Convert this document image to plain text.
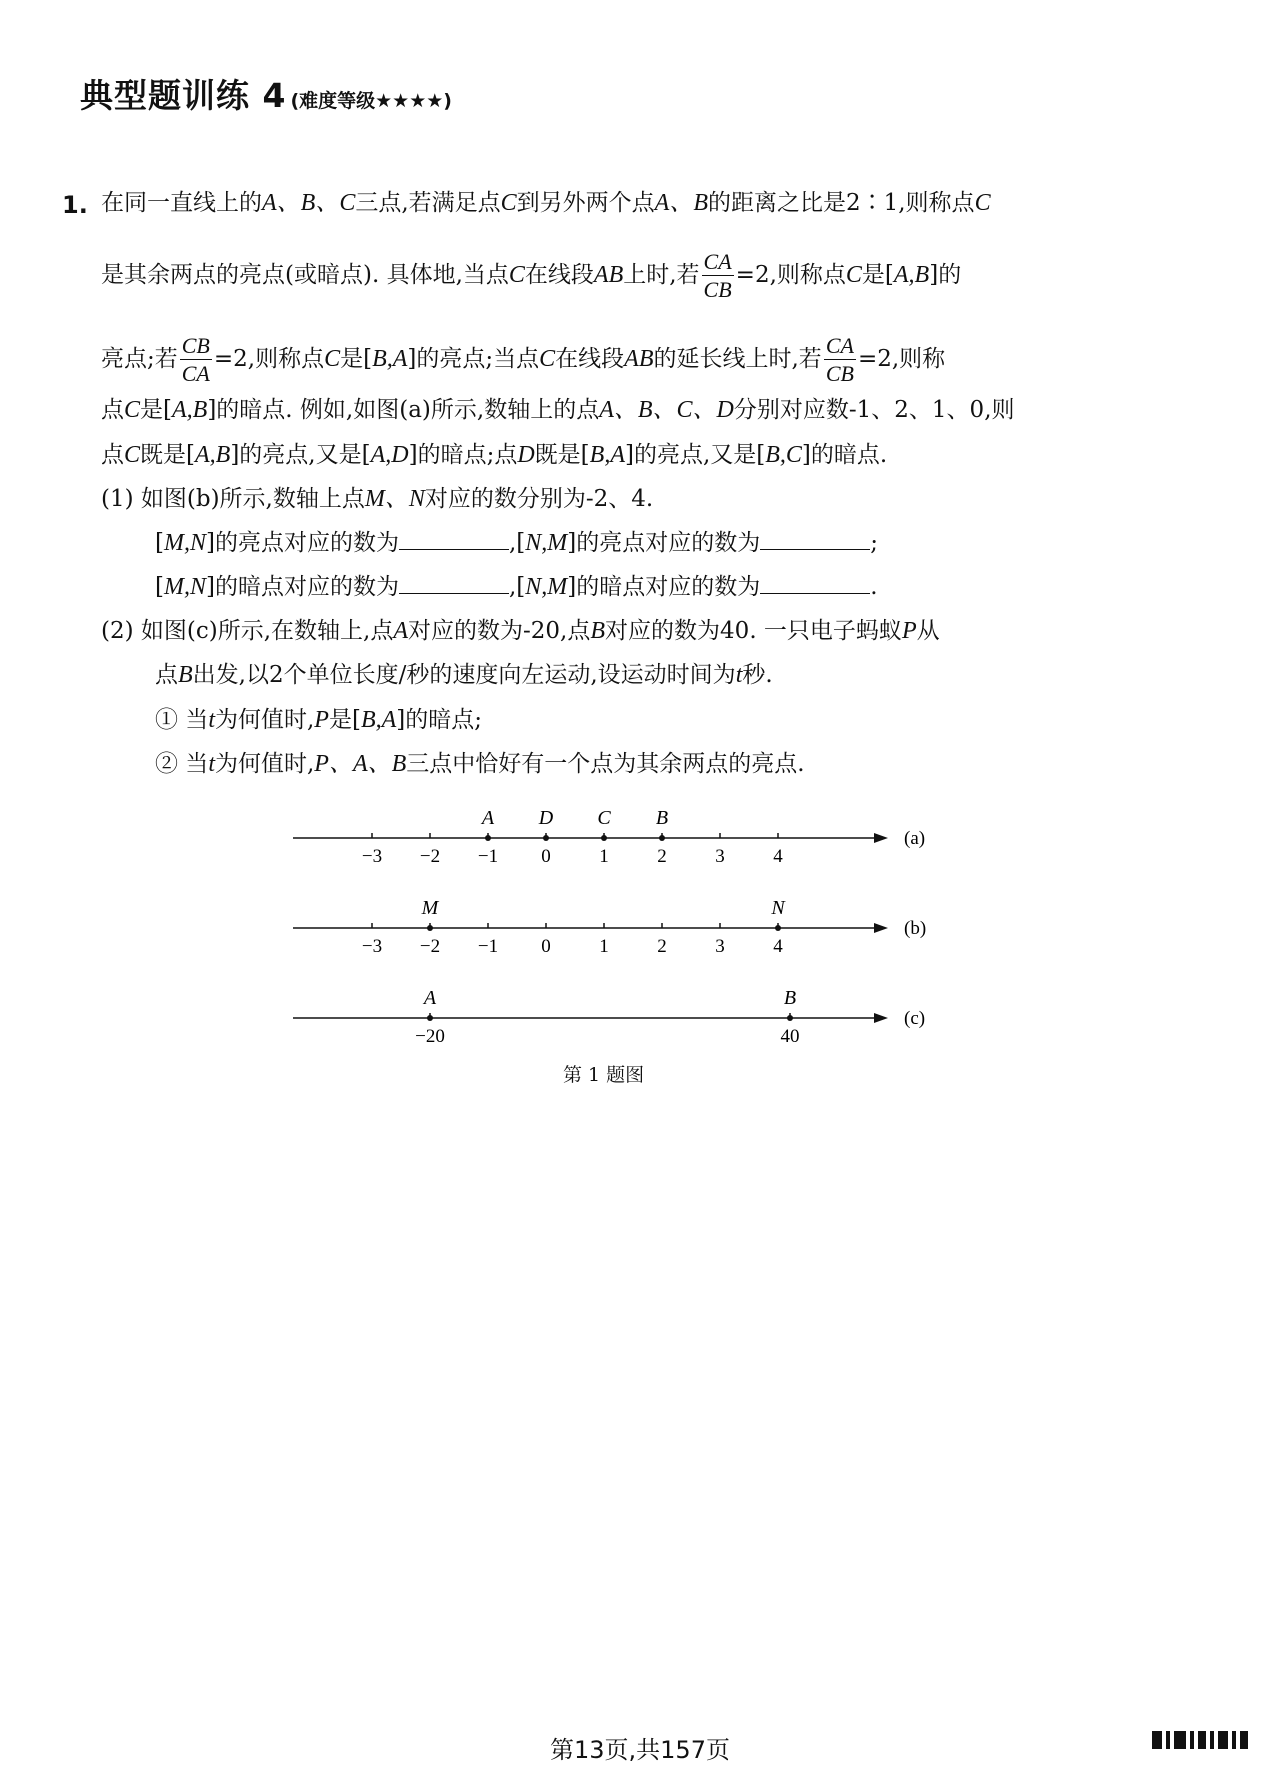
典型题训练 4 (难度等级★★★★)
1. 在同一直线上的A、B、C三点,若满足点C到另外两个点A、B的距离之比是2∶1,则称点C
是其余两点的亮点(或暗点). 具体地,当点C在线段AB上时,若 $\frac{CA}{CB} =2$,则称点C是[A,B]的
亮点;若 $\frac{CB}{CA} =2$,则称点C是[B,A]的亮点;当点C在线段AB的延长线上时,若 $\frac{CA}{CB} =2$,则称
点C是[A,B]的暗点. 例如,如图(a)所示,数轴上的点A、B、C、D分别对应数-1、2、1、0,则
点C既是[A,B]的亮点,又是[A,D]的暗点;点D既是[B,A]的亮点,又是[B,C]的暗点.
(1) 如图(b)所示,数轴上点M、N对应的数分别为-2、4.
[M,N]的亮点对应的数为	,[N,M]的亮点对应的数为	;
[M,N]的暗点对应的数为	,[N,M]的暗点对应的数为	.
(2) 如图(c)所示,在数轴上,点A对应的数为-20,点B对应的数为40. 一只电子蚂蚁P从
点B出发,以2个单位长度/秒的速度向左运动,设运动时间为t秒.
① 当t为何值时,P是[B,A]的暗点;
② 当t为何值时,P、A、B三点中恰好有一个点为其余两点的亮点.
−3 −2 −1 0	1	2	3	4
A D C B
(a)
−3 −2 −1 0	1	2	3	4
M	N
(b)
−20	40
A	B
(c)
第 1 题图
第13页,共157页
